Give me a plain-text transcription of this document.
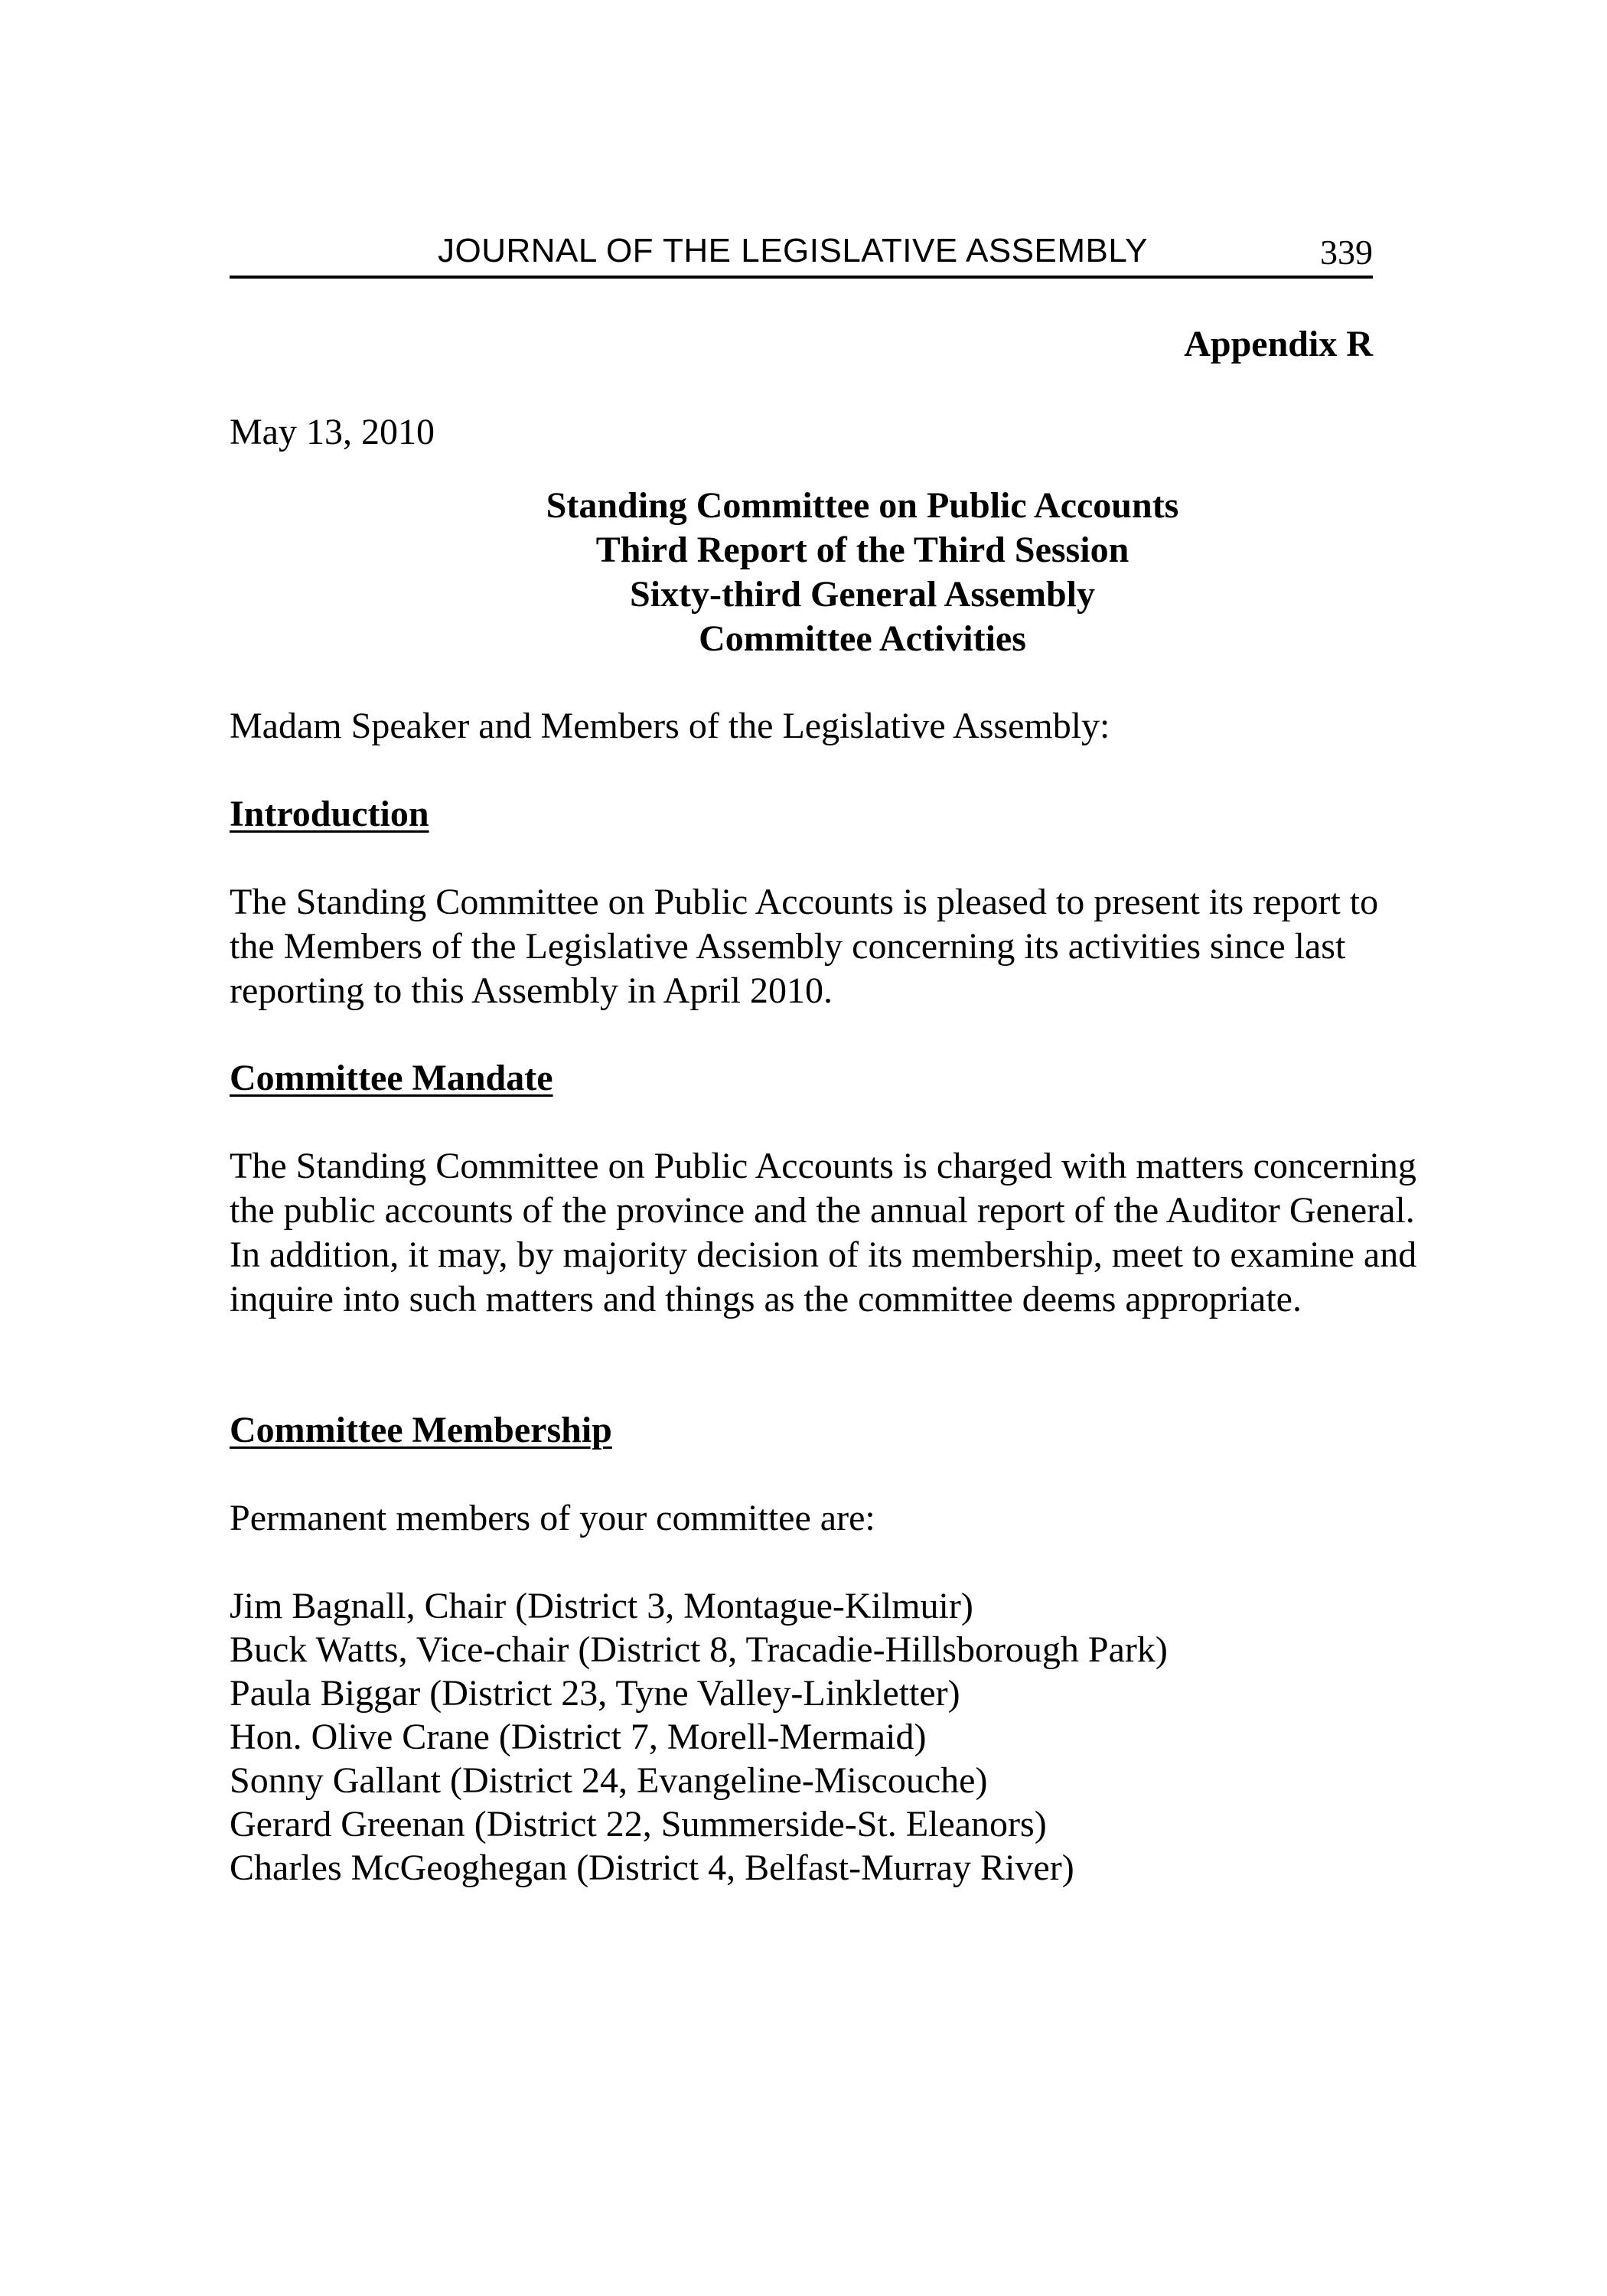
JOURNAL OF THE LEGISLATIVE ASSEMBLY	339
Appendix R
May 13, 2010
Standing Committee on Public Accounts
Third Report of the Third Session
Sixty-third General Assembly
Committee Activities
Madam Speaker and Members of the Legislative Assembly:
Introduction
The Standing Committee on Public Accounts is pleased to present its report to the Members of the Legislative Assembly concerning its activities since last reporting to this Assembly in April 2010.
Committee Mandate
The Standing Committee on Public Accounts is charged with matters concerning the public accounts of the province and the annual report of the Auditor General. In addition, it may, by majority decision of its membership, meet to examine and inquire into such matters and things as the committee deems appropriate.
Committee Membership
Permanent members of your committee are:
Jim Bagnall, Chair (District 3, Montague-Kilmuir)
Buck Watts, Vice-chair (District 8, Tracadie-Hillsborough Park)
Paula Biggar (District 23, Tyne Valley-Linkletter)
Hon. Olive Crane (District 7, Morell-Mermaid)
Sonny Gallant (District 24, Evangeline-Miscouche)
Gerard Greenan (District 22, Summerside-St. Eleanors)
Charles McGeoghegan (District 4, Belfast-Murray River)
